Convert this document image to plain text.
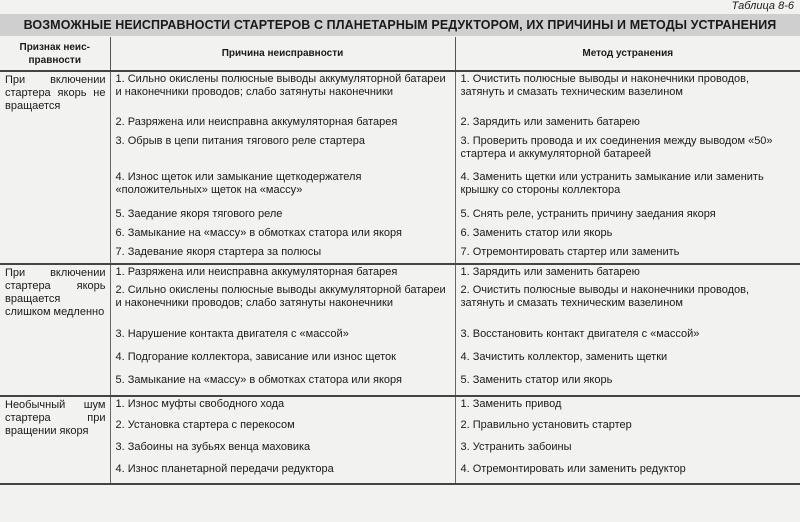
Таблица 8-6
ВОЗМОЖНЫЕ НЕИСПРАВНОСТИ СТАРТЕРОВ С ПЛАНЕТАРНЫМ РЕДУКТОРОМ, ИХ ПРИЧИНЫ И МЕТОДЫ УСТРАНЕНИЯ
Признак неис-правности	Причина неисправности	Метод устранения
При включении стартера якорь не вращается	1. Сильно окислены полюсные выводы аккумуляторной батареи и наконечники проводов; слабо затянуты наконечники	1. Очистить полюсные выводы и наконечники проводов, затянуть и смазать техническим вазелином
	2. Разряжена или неисправна аккумуляторная батарея	2. Зарядить или заменить батарею
	3. Обрыв в цепи питания тягового реле стартера	3. Проверить провода и их соединения между выводом «50» стартера и аккумуляторной батареей
	4. Износ щеток или замыкание щеткодержателя «положительных» щеток на «массу»	4. Заменить щетки или устранить замыкание или заменить крышку со стороны коллектора
	5. Заедание якоря тягового реле	5. Снять реле, устранить причину заедания якоря
	6. Замыкание на «массу» в обмотках статора или якоря	6. Заменить статор или якорь
	7. Задевание якоря стартера за полюсы	7. Отремонтировать стартер или заменить
При включении стартера якорь вращается слишком медленно	1. Разряжена или неисправна аккумуляторная батарея	1. Зарядить или заменить батарею
	2. Сильно окислены полюсные выводы аккумуляторной батареи и наконечники проводов; слабо затянуты наконечники	2. Очистить полюсные выводы и наконечники проводов, затянуть и смазать техническим вазелином
	3. Нарушение контакта двигателя с «массой»	3. Восстановить контакт двигателя с «массой»
	4. Подгорание коллектора, зависание или износ щеток	4. Зачистить коллектор, заменить щетки
	5. Замыкание на «массу» в обмотках статора или якоря	5. Заменить статор или якорь
Необычный шум стартера при вращении якоря	1. Износ муфты свободного хода	1. Заменить привод
	2. Установка стартера с перекосом	2. Правильно установить стартер
	3. Забоины на зубьях венца маховика	3. Устранить забоины
	4. Износ планетарной передачи редуктора	4. Отремонтировать или заменить редуктор
